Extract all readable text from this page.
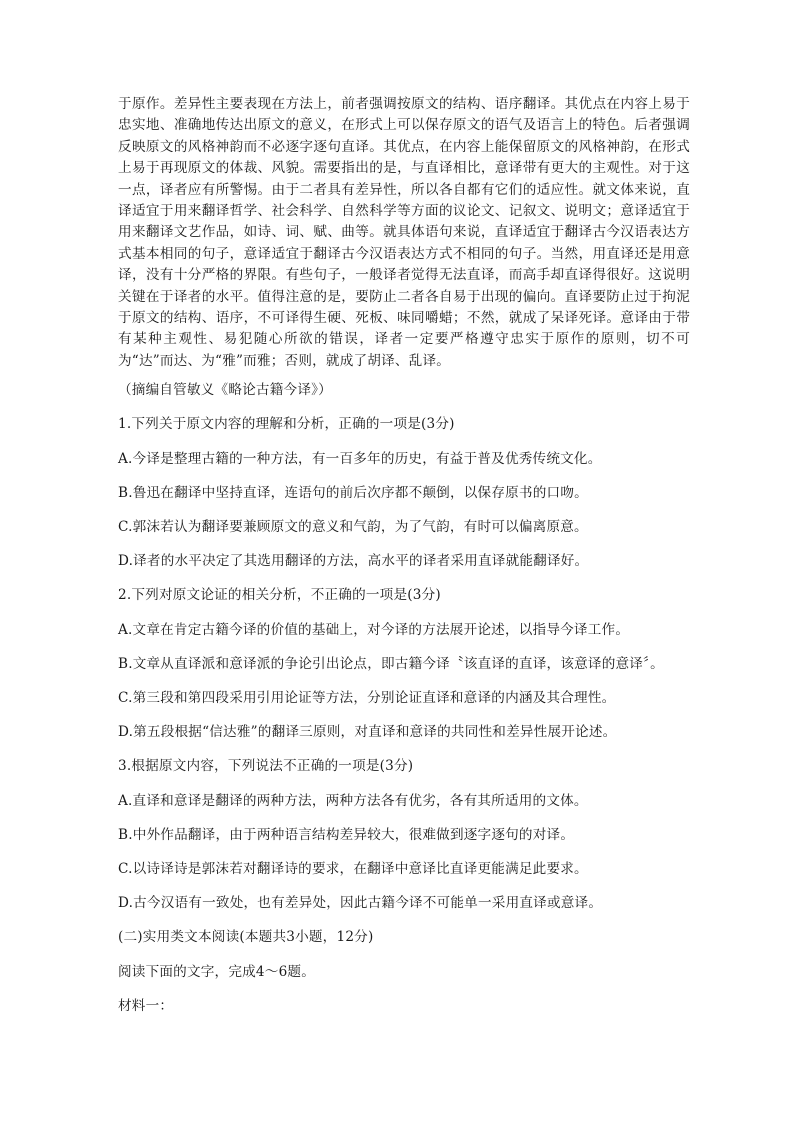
于原作。差异性主要表现在方法上，前者强调按原文的结构、语序翻译。其优点在内容上易于忠实地、准确地传达出原文的意义，在形式上可以保存原文的语气及语言上的特色。后者强调反映原文的风格神韵而不必逐字逐句直译。其优点，在内容上能保留原文的风格神韵，在形式上易于再现原文的体裁、风貌。需要指出的是，与直译相比，意译带有更大的主观性。对于这一点，译者应有所警惕。由于二者具有差异性，所以各自都有它们的适应性。就文体来说，直译适宜于用来翻译哲学、社会科学、自然科学等方面的议论文、记叙文、说明文；意译适宜于用来翻译文艺作品，如诗、词、赋、曲等。就具体语句来说，直译适宜于翻译古今汉语表达方式基本相同的句子，意译适宜于翻译古今汉语表达方式不相同的句子。当然，用直译还是用意译，没有十分严格的界限。有些句子，一般译者觉得无法直译，而高手却直译得很好。这说明关键在于译者的水平。值得注意的是，要防止二者各自易于出现的偏向。直译要防止过于拘泥于原文的结构、语序，不可译得生硬、死板、味同嚼蜡；不然，就成了呆译死译。意译由于带有某种主观性、易犯随心所欲的错误，译者一定要严格遵守忠实于原作的原则，切不可为“达”而达、为“雅”而雅；否则，就成了胡译、乱译。

（摘编自管敏义《略论古籍今译》）
1.下列关于原文内容的理解和分析，正确的一项是(3分)
A.今译是整理古籍的一种方法，有一百多年的历史，有益于普及优秀传统文化。
B.鲁迅在翻译中坚持直译，连语句的前后次序都不颠倒，以保存原书的口吻。
C.郭沫若认为翻译要兼顾原文的意义和气韵，为了气韵，有时可以偏离原意。
D.译者的水平决定了其选用翻译的方法，高水平的译者采用直译就能翻译好。
2.下列对原文论证的相关分析，不正确的一项是(3分)
A.文章在肯定古籍今译的价值的基础上，对今译的方法展开论述，以指导今译工作。
B.文章从直译派和意译派的争论引出论点，即古籍今译〝该直译的直译，该意译的意译〞。
C.第三段和第四段采用引用论证等方法，分别论证直译和意译的内涵及其合理性。
D.第五段根据“信达雅”的翻译三原则，对直译和意译的共同性和差异性展开论述。
3.根据原文内容，下列说法不正确的一项是(3分)
A.直译和意译是翻译的两种方法，两种方法各有优劣，各有其所适用的文体。
B.中外作品翻译，由于两种语言结构差异较大，很难做到逐字逐句的对译。
C.以诗译诗是郭沫若对翻译诗的要求，在翻译中意译比直译更能满足此要求。
D.古今汉语有一致处，也有差异处，因此古籍今译不可能单一采用直译或意译。
(二)实用类文本阅读(本题共3小题，12分)
阅读下面的文字，完成4～6题。
材料一：
